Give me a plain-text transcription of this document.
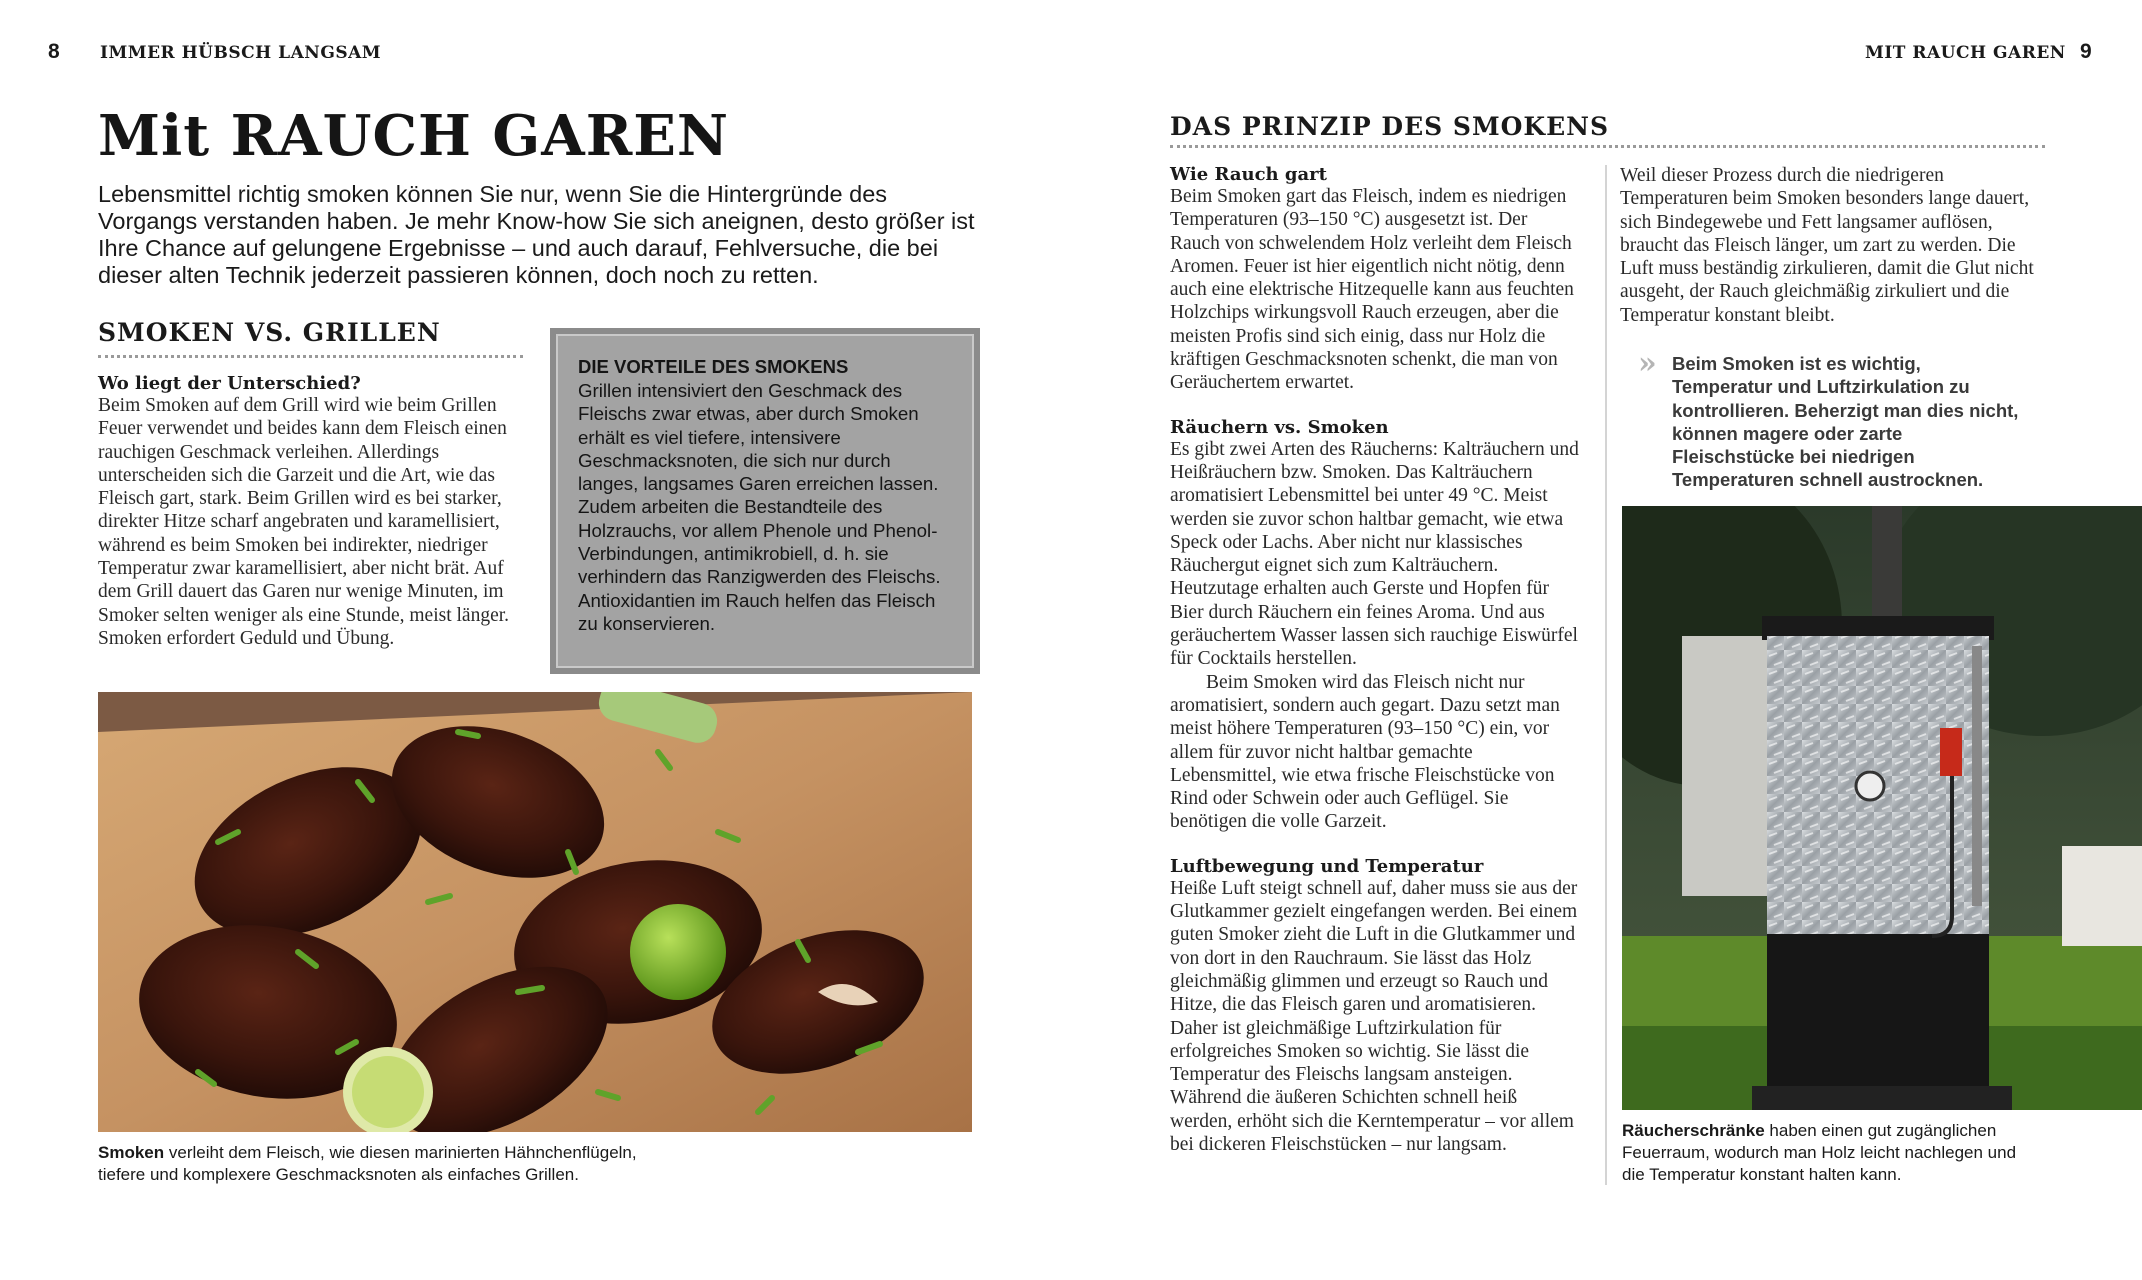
8 IMMER HÜBSCH LANGSAM
Mit RAUCH GAREN
Lebensmittel richtig smoken können Sie nur, wenn Sie die Hintergründe des Vorgangs verstanden haben. Je mehr Know-how Sie sich aneignen, desto größer ist Ihre Chance auf gelungene Ergebnisse – und auch darauf, Fehlversuche, die bei dieser alten Technik jederzeit passieren können, doch noch zu retten.
SMOKEN VS. GRILLEN

Wo liegt der Unterschied?

Beim Smoken auf dem Grill wird wie beim Grillen Feuer verwendet und beides kann dem Fleisch einen rauchigen Geschmack verleihen. Allerdings unterscheiden sich die Garzeit und die Art, wie das Fleisch gart, stark. Beim Grillen wird es bei starker, direkter Hitze scharf angebraten und karamellisiert, während es beim Smoken bei indirekter, niedriger Temperatur zwar karamellisiert, aber nicht brät. Auf dem Grill dauert das Garen nur wenige Minuten, im Smoker selten weniger als eine Stunde, meist länger. Smoken erfordert Geduld und Übung.

DIE VORTEILE DES SMOKENS

Grillen intensiviert den Geschmack des Fleischs zwar etwas, aber durch Smoken erhält es viel tiefere, intensivere Geschmacksnoten, die sich nur durch langes, langsames Garen erreichen lassen. Zudem arbeiten die Bestandteile des Holzrauchs, vor allem Phenole und Phenol-Verbindungen, antimikrobiell, d. h. sie verhindern das Ranzigwerden des Fleischs. Antioxidantien im Rauch helfen das Fleisch zu konservieren.

Smoken verleiht dem Fleisch, wie diesen marinierten Hähnchenflügeln, tiefere und komplexere Geschmacksnoten als einfaches Grillen.

MIT RAUCH GAREN 9
DAS PRINZIP DES SMOKENS

Wie Rauch gart

Beim Smoken gart das Fleisch, indem es niedrigen Temperaturen (93–150 °C) ausgesetzt ist. Der Rauch von schwelendem Holz verleiht dem Fleisch Aromen. Feuer ist hier eigentlich nicht nötig, denn auch eine elektrische Hitzequelle kann aus feuchten Holzchips wirkungsvoll Rauch erzeugen, aber die meisten Profis sind sich einig, dass nur Holz die kräftigen Geschmacksnoten schenkt, die man von Geräuchertem erwartet.

Räuchern vs. Smoken

Es gibt zwei Arten des Räucherns: Kalträuchern und Heißräuchern bzw. Smoken. Das Kalträuchern aromatisiert Lebensmittel bei unter 49 °C. Meist werden sie zuvor schon haltbar gemacht, wie etwa Speck oder Lachs. Aber nicht nur klassisches Räuchergut eignet sich zum Kalträuchern. Heutzutage erhalten auch Gerste und Hopfen für Bier durch Räuchern ein feines Aroma. Und aus geräuchertem Wasser lassen sich rauchige Eiswürfel für Cocktails herstellen.

Beim Smoken wird das Fleisch nicht nur aromatisiert, sondern auch gegart. Dazu setzt man meist höhere Temperaturen (93–150 °C) ein, vor allem für zuvor nicht haltbar gemachte Lebensmittel, wie etwa frische Fleischstücke von Rind oder Schwein oder auch Geflügel. Sie benötigen die volle Garzeit.

Luftbewegung und Temperatur

Heiße Luft steigt schnell auf, daher muss sie aus der Glutkammer gezielt eingefangen werden. Bei einem guten Smoker zieht die Luft in die Glutkammer und von dort in den Rauchraum. Sie lässt das Holz gleichmäßig glimmen und erzeugt so Rauch und Hitze, die das Fleisch garen und aromatisieren. Daher ist gleichmäßige Luftzirkulation für erfolgreiches Smoken so wichtig. Sie lässt die Temperatur des Fleischs langsam ansteigen. Während die äußeren Schichten schnell heiß werden, erhöht sich die Kerntemperatur – vor allem bei dickeren Fleischstücken – nur langsam.

Weil dieser Prozess durch die niedrigeren Temperaturen beim Smoken besonders lange dauert, sich Bindegewebe und Fett langsamer auflösen, braucht das Fleisch länger, um zart zu werden. Die Luft muss beständig zirkulieren, damit die Glut nicht ausgeht, der Rauch gleichmäßig zirkuliert und die Temperatur konstant bleibt.

» Beim Smoken ist es wichtig, Temperatur und Luftzirkulation zu kontrollieren. Beherzigt man dies nicht, können magere oder zarte Fleischstücke bei niedrigen Temperaturen schnell austrocknen.

Räucherschränke haben einen gut zugänglichen Feuerraum, wodurch man Holz leicht nachlegen und die Temperatur konstant halten kann.
